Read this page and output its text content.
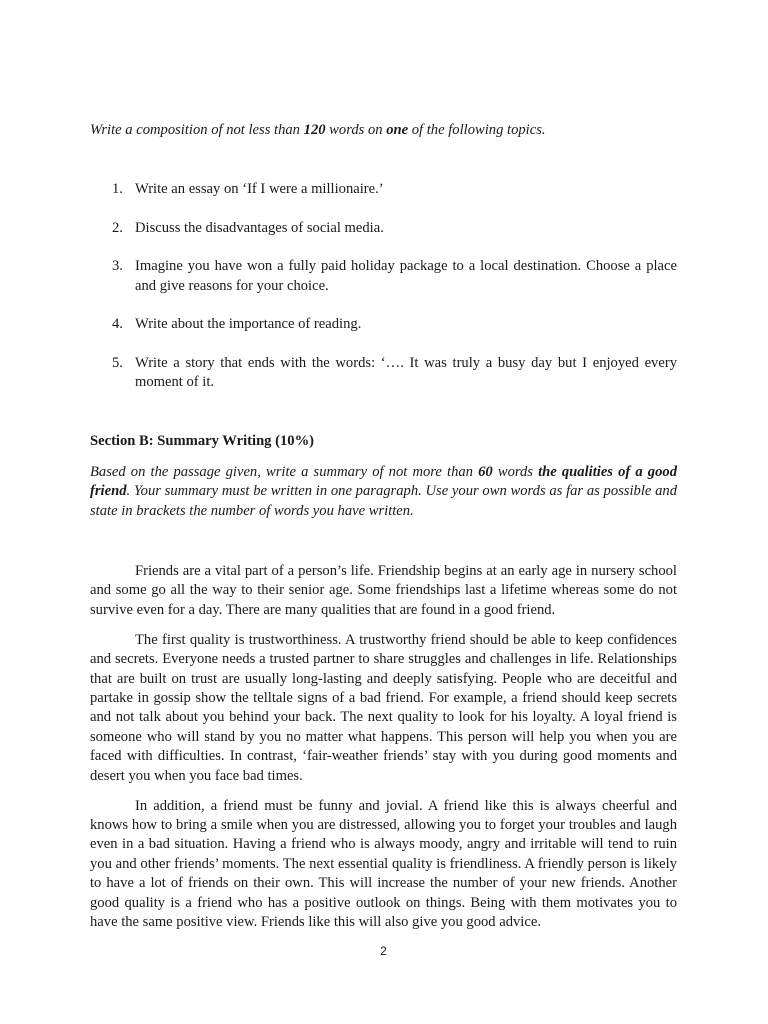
Write a composition of not less than 120 words on one of the following topics.

1. Write an essay on ‘If I were a millionaire.’
2. Discuss the disadvantages of social media.
3. Imagine you have won a fully paid holiday package to a local destination. Choose a place and give reasons for your choice.
4. Write about the importance of reading.
5. Write a story that ends with the words: ‘…. It was truly a busy day but I enjoyed every moment of it.
Section B: Summary Writing (10%)

Based on the passage given, write a summary of not more than 60 words the qualities of a good friend. Your summary must be written in one paragraph. Use your own words as far as possible and state in brackets the number of words you have written.

Friends are a vital part of a person’s life. Friendship begins at an early age in nursery school and some go all the way to their senior age. Some friendships last a lifetime whereas some do not survive even for a day. There are many qualities that are found in a good friend.

The first quality is trustworthiness. A trustworthy friend should be able to keep confidences and secrets. Everyone needs a trusted partner to share struggles and challenges in life. Relationships that are built on trust are usually long-lasting and deeply satisfying. People who are deceitful and partake in gossip show the telltale signs of a bad friend. For example, a friend should keep secrets and not talk about you behind your back. The next quality to look for his loyalty. A loyal friend is someone who will stand by you no matter what happens. This person will help you when you are faced with difficulties. In contrast, ‘fair-weather friends’ stay with you during good moments and desert you when you face bad times.

In addition, a friend must be funny and jovial. A friend like this is always cheerful and knows how to bring a smile when you are distressed, allowing you to forget your troubles and laugh even in a bad situation. Having a friend who is always moody, angry and irritable will tend to ruin you and other friends’ moments. The next essential quality is friendliness. A friendly person is likely to have a lot of friends on their own. This will increase the number of your new friends. Another good quality is a friend who has a positive outlook on things. Being with them motivates you to have the same positive view. Friends like this will also give you good advice.

2
